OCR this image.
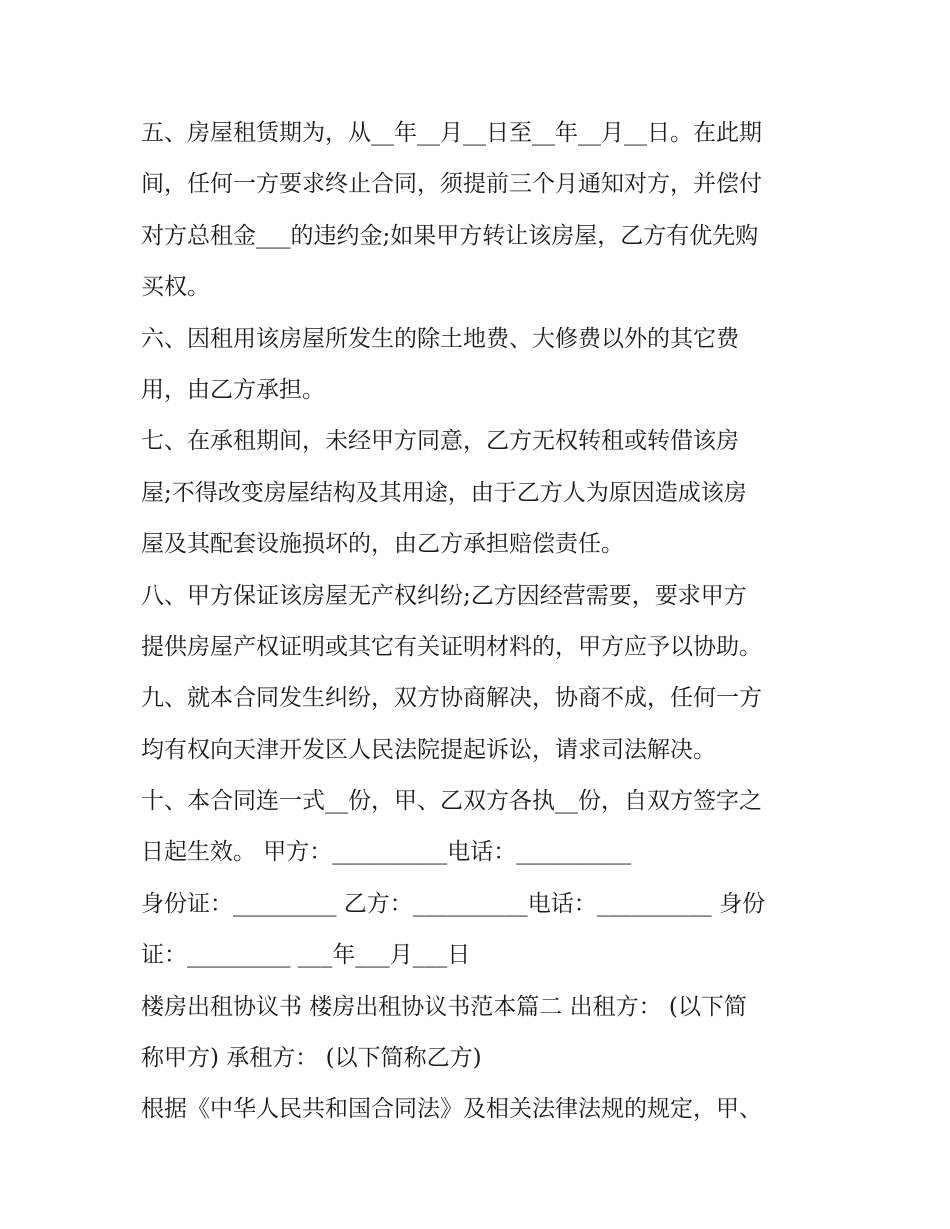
五、房屋租赁期为，从__年__月__日至__年__月__日。在此期
间，任何一方要求终止合同，须提前三个月通知对方，并偿付
对方总租金___的违约金;如果甲方转让该房屋，乙方有优先购
买权。
六、因租用该房屋所发生的除土地费、大修费以外的其它费
用，由乙方承担。
七、在承租期间，未经甲方同意，乙方无权转租或转借该房
屋;不得改变房屋结构及其用途，由于乙方人为原因造成该房
屋及其配套设施损坏的，由乙方承担赔偿责任。
八、甲方保证该房屋无产权纠纷;乙方因经营需要，要求甲方
提供房屋产权证明或其它有关证明材料的，甲方应予以协助。
九、就本合同发生纠纷，双方协商解决，协商不成，任何一方
均有权向天津开发区人民法院提起诉讼，请求司法解决。
十、本合同连一式__份，甲、乙双方各执__份，自双方签字之
日起生效。 甲方：__________电话：__________
身份证：_________ 乙方：__________电话：__________ 身份
证：_________ ___年___月___日
楼房出租协议书 楼房出租协议书范本篇二 出租方： (以下简
称甲方) 承租方： (以下简称乙方)
根据《中华人民共和国合同法》及相关法律法规的规定，甲、
